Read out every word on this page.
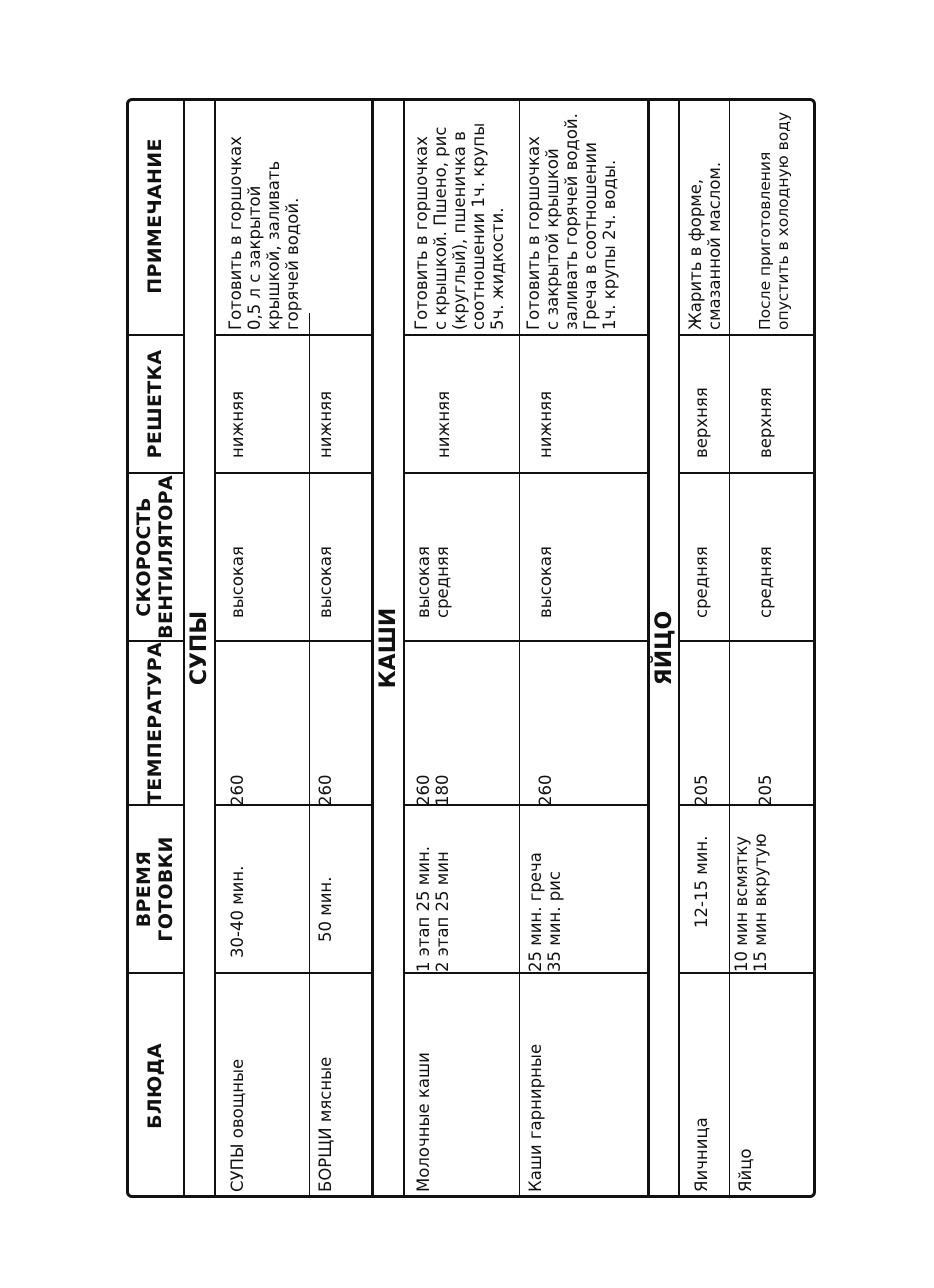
БЛЮДА
ВРЕМЯ
ГОТОВКИ
ТЕМПЕРАТУРА
СКОРОСТЬ
ВЕНТИЛЯТОРА
РЕШЕТКА
ПРИМЕЧАНИЕ
СУПЫ
СУПЫ овощные
30-40 мин.
260
высокая
нижняя
Готовить в горшочках
0,5 л с закрытой
крышкой, заливать
горячей водой.
БОРЩИ мясные
50 мин.
260
высокая
нижняя
КАШИ
Молочные каши
1 этап 25 мин.
2 этап 25 мин
260
180
высокая
средняя
нижняя
Готовить в горшочках
с крышкой. Пшено, рис
(круглый), пшеничка в
соотношении 1ч. крупы
5ч. жидкости.
Каши гарнирные
25 мин. греча
35 мин. рис
260
высокая
нижняя
Готовить в горшочках
с закрытой крышкой
заливать горячей водой.
Греча в соотношении
1ч. крупы 2ч. воды.
ЯЙЦО
Яичница
12-15 мин.
205
средняя
верхняя
Жарить в форме,
смазанной маслом.
Яйцо
10 мин всмятку
15 мин вкрутую
205
средняя
верхняя
После приготовления
опустить в холодную воду
